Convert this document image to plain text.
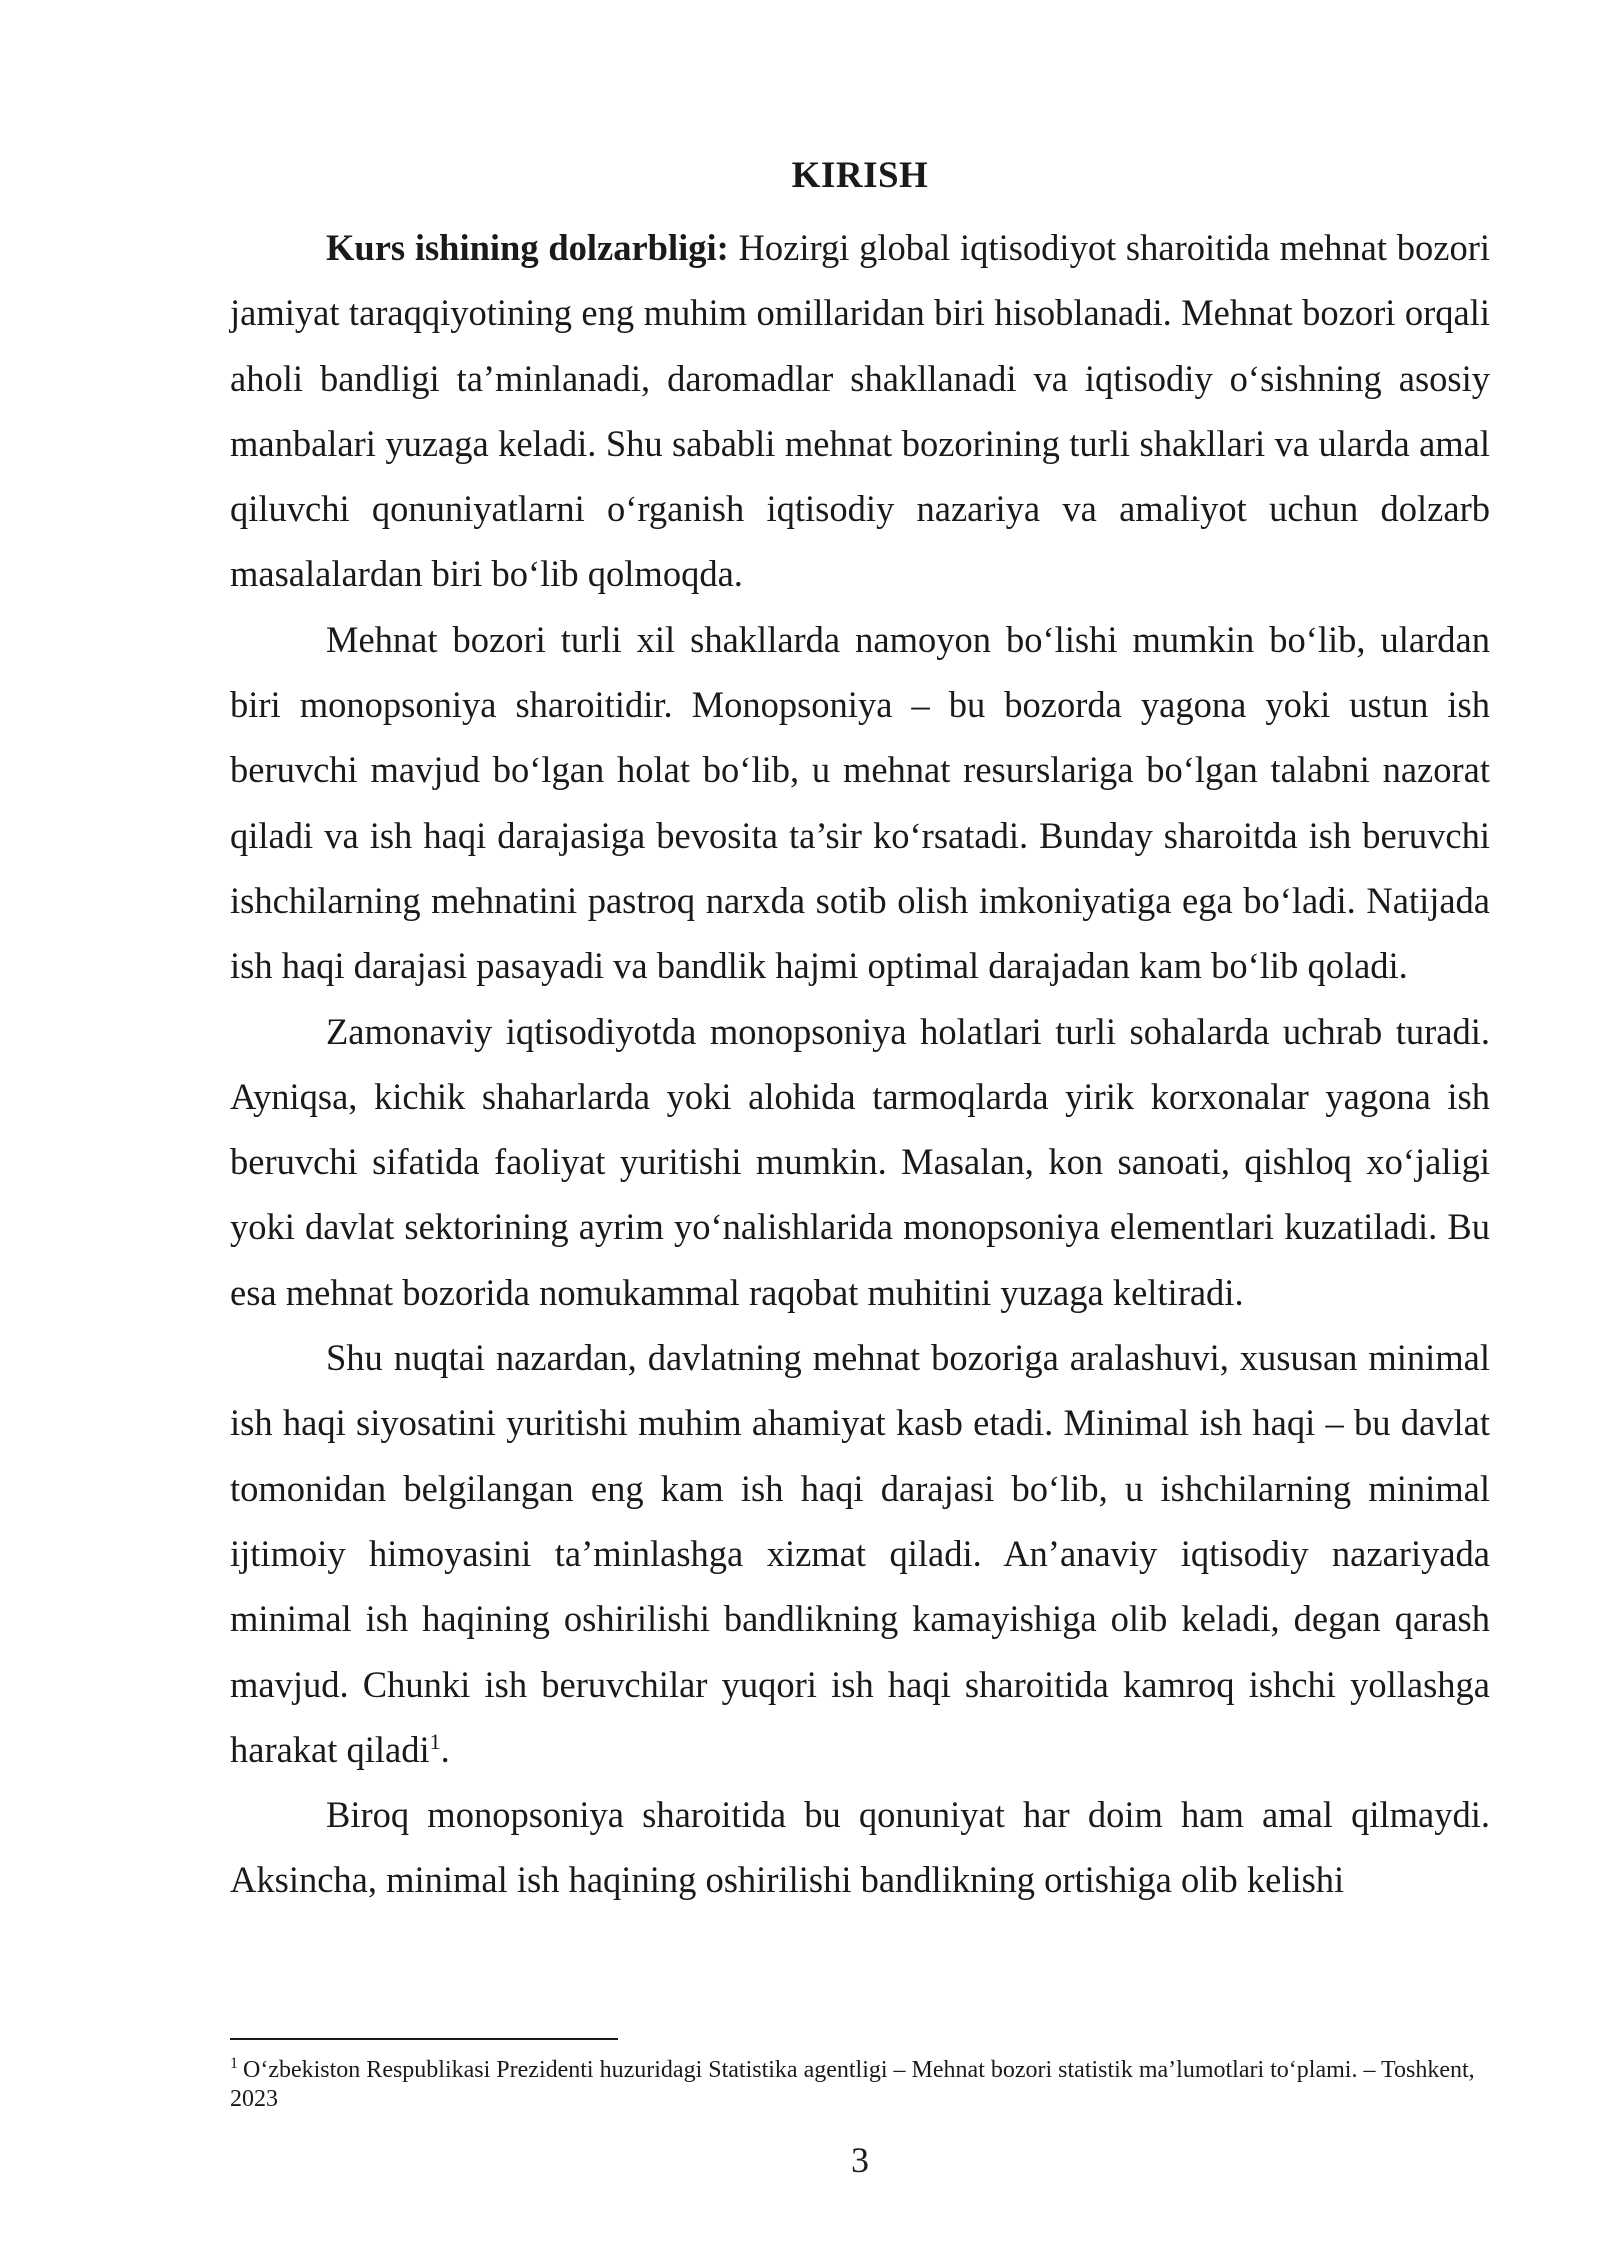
KIRISH

Kurs ishining dolzarbligi: Hozirgi global iqtisodiyot sharoitida mehnat bozori jamiyat taraqqiyotining eng muhim omillaridan biri hisoblanadi. Mehnat bozori orqali aholi bandligi ta’minlanadi, daromadlar shakllanadi va iqtisodiy o‘sishning asosiy manbalari yuzaga keladi. Shu sababli mehnat bozorining turli shakllari va ularda amal qiluvchi qonuniyatlarni o‘rganish iqtisodiy nazariya va amaliyot uchun dolzarb masalalardan biri bo‘lib qolmoqda.

Mehnat bozori turli xil shakllarda namoyon bo‘lishi mumkin bo‘lib, ulardan biri monopsoniya sharoitidir. Monopsoniya – bu bozorda yagona yoki ustun ish beruvchi mavjud bo‘lgan holat bo‘lib, u mehnat resurslariga bo‘lgan talabni nazorat qiladi va ish haqi darajasiga bevosita ta’sir ko‘rsatadi. Bunday sharoitda ish beruvchi ishchilarning mehnatini pastroq narxda sotib olish imkoniyatiga ega bo‘ladi. Natijada ish haqi darajasi pasayadi va bandlik hajmi optimal darajadan kam bo‘lib qoladi.

Zamonaviy iqtisodiyotda monopsoniya holatlari turli sohalarda uchrab turadi. Ayniqsa, kichik shaharlarda yoki alohida tarmoqlarda yirik korxonalar yagona ish beruvchi sifatida faoliyat yuritishi mumkin. Masalan, kon sanoati, qishloq xo‘jaligi yoki davlat sektorining ayrim yo‘nalishlarida monopsoniya elementlari kuzatiladi. Bu esa mehnat bozorida nomukammal raqobat muhitini yuzaga keltiradi.

Shu nuqtai nazardan, davlatning mehnat bozoriga aralashuvi, xususan minimal ish haqi siyosatini yuritishi muhim ahamiyat kasb etadi. Minimal ish haqi – bu davlat tomonidan belgilangan eng kam ish haqi darajasi bo‘lib, u ishchilarning minimal ijtimoiy himoyasini ta’minlashga xizmat qiladi. An’anaviy iqtisodiy nazariyada minimal ish haqining oshirilishi bandlikning kamayishiga olib keladi, degan qarash mavjud. Chunki ish beruvchilar yuqori ish haqi sharoitida kamroq ishchi yollashga harakat qiladi$^1$.

Biroq monopsoniya sharoitida bu qonuniyat har doim ham amal qilmaydi. Aksincha, minimal ish haqining oshirilishi bandlikning ortishiga olib kelishi

$^1$ O‘zbekiston Respublikasi Prezidenti huzuridagi Statistika agentligi – Mehnat bozori statistik ma’lumotlari to‘plami. – Toshkent, 2023

3
